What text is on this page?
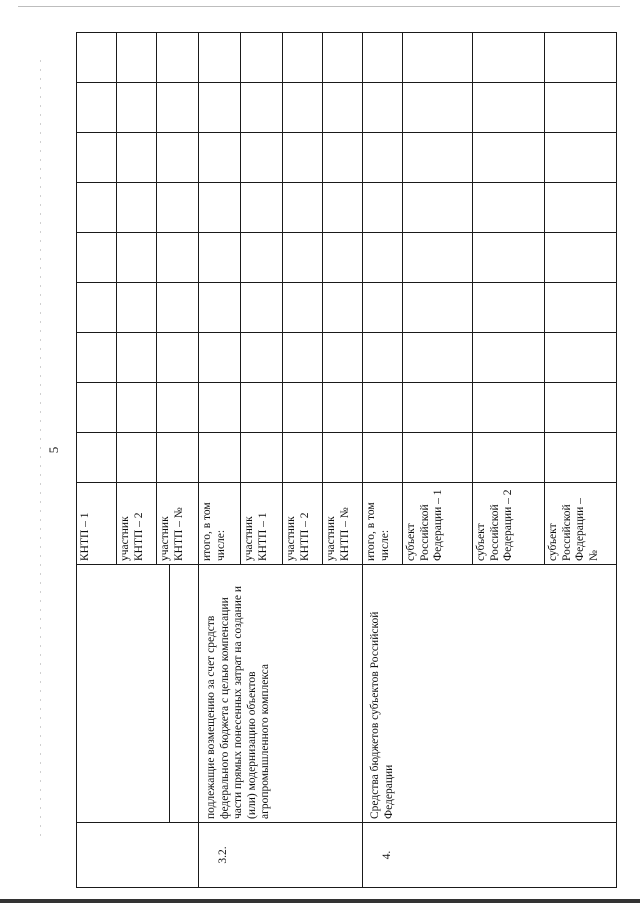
5

	КНТП – 1									
		участник КНТП – 2									
		участник КНТП – №									
3.2.	подлежащие возмещению за счет средств федерального бюджета с целью компенсации части прямых понесенных затрат на создание и (или) модернизацию объектов агропромышленного комплекса	итого, в том числе:									
		участник КНТП – 1									
		участник КНТП – 2									
		участник КНТП – №									
4.	Средства бюджетов субъектов Российской Федерации	итого, в том числе:									
		субъект Российской Федерации – 1									
		субъект Российской Федерации – 2									
		субъект Российской Федерации – №									
